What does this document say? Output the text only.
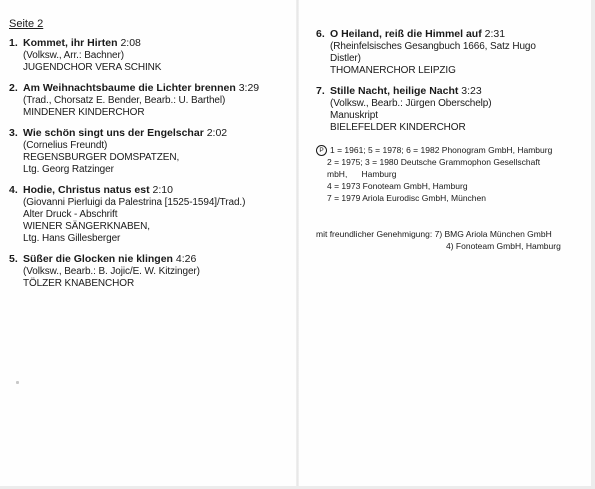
Seite 2
1. Kommet, ihr Hirten 2:08
(Volksw., Arr.: Bachner)
JUGENDCHOR VERA SCHINK
2. Am Weihnachtsbaume die Lichter brennen 3:29
(Trad., Chorsatz E. Bender, Bearb.: U. Barthel)
MINDENER KINDERCHOR
3. Wie schön singt uns der Engelschar 2:02
(Cornelius Freundt)
REGENSBURGER DOMSPATZEN,
Ltg. Georg Ratzinger
4. Hodie, Christus natus est 2:10
(Giovanni Pierluigi da Palestrina [1525-1594]/Trad.)
Alter Druck - Abschrift
WIENER SÄNGERKNABEN,
Ltg. Hans Gillesberger
5. Süßer die Glocken nie klingen 4:26
(Volksw., Bearb.: B. Jojic/E. W. Kitzinger)
TÖLZER KNABENCHOR
6. O Heiland, reiß die Himmel auf 2:31
(Rheinfelsisches Gesangbuch 1666, Satz Hugo
Distler)
THOMANERCHOR LEIPZIG
7. Stille Nacht, heilige Nacht 3:23
(Volksw., Bearb.: Jürgen Oberschelp)
Manuskript
BIELEFELDER KINDERCHOR
P 1 = 1961; 5 = 1978; 6 = 1982 Phonogram GmbH, Hamburg
2 = 1975; 3 = 1980 Deutsche Grammophon Gesellschaft
mbH,      Hamburg
4 = 1973 Fonoteam GmbH, Hamburg
7 = 1979 Ariola Eurodisc GmbH, München
mit freundlicher Genehmigung: 7) BMG Ariola München GmbH
4) Fonoteam GmbH, Hamburg
